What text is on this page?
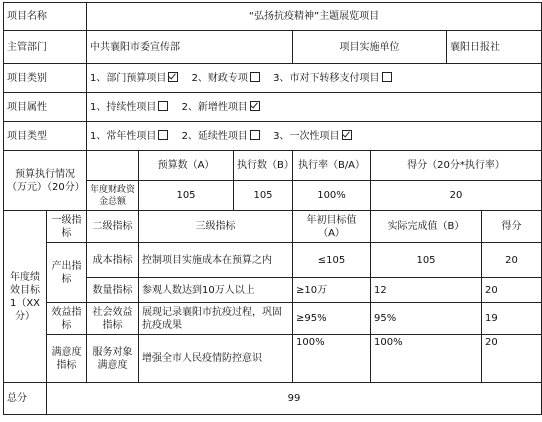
项目名称		“弘扬抗疫精神”主题展览项目						
主管部门		中共襄阳市委宣传部			项目实施单位		襄阳日报社	
项目类别		1、部门预算项目 2、财政专项 3、市对下转移支付项目						
项目属性		1、持续性项目 2、新增性项目						
项目类型		1、常年性项目 2、延续性项目 3、一次性项目						
预算执行情况（万元）（20分）			预算数（A）	执行数（B）	执行率（B/A）	得分（20分*执行率）		
		年度财政资金总额	105	105	100%	20		
年度绩效目标1（XX分）	一级指标	二级指标	三级指标		年初目标值（A）	实际完成值（B）		得分
	产出指标	成本指标	控制项目实施成本在预算之内		≤105	105		20
		数量指标	参观人数达到10万人以上		≥10万	12		20
	效益指标	社会效益指标	展现记录襄阳市抗疫过程，巩固抗疫成果		≥95%	95%		19
	满意度指标	服务对象满意度	增强全市人民疫情防控意识		100%	100%		20
总分	99							
